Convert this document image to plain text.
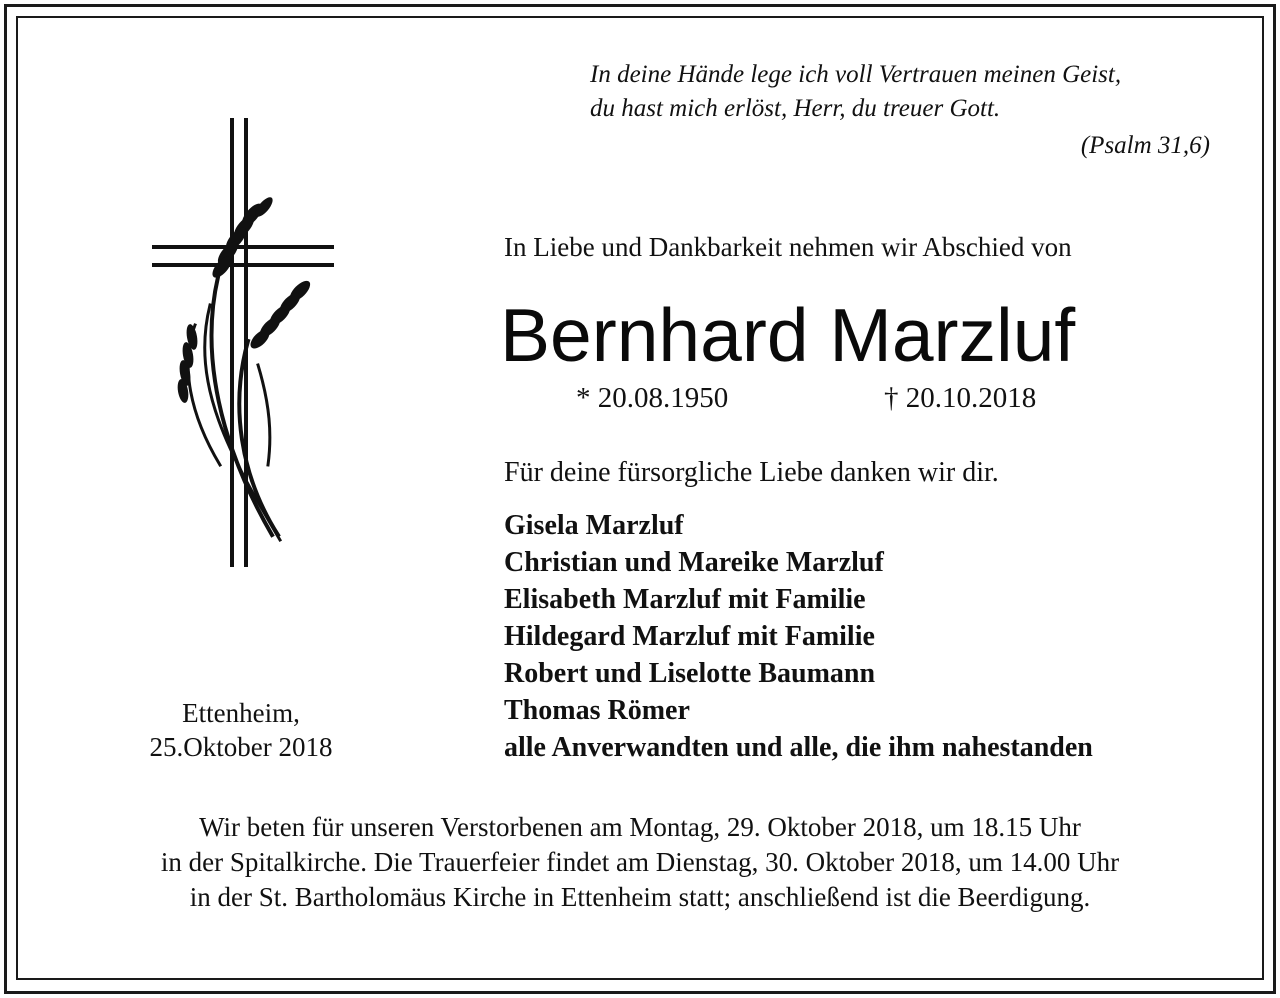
In deine Hände lege ich voll Vertrauen meinen Geist,
du hast mich erlöst, Herr, du treuer Gott.
(Psalm 31,6)
In Liebe und Dankbarkeit nehmen wir Abschied von
Bernhard Marzluf
* 20.08.1950	† 20.10.2018
Für deine fürsorgliche Liebe danken wir dir.
Gisela Marzluf
Christian und Mareike Marzluf
Elisabeth Marzluf mit Familie
Hildegard Marzluf mit Familie
Robert und Liselotte Baumann
Thomas Römer
alle Anverwandten und alle, die ihm nahestanden
Ettenheim,
25.Oktober 2018
Wir beten für unseren Verstorbenen am Montag, 29. Oktober 2018, um 18.15 Uhr
in der Spitalkirche. Die Trauerfeier findet am Dienstag, 30. Oktober 2018, um 14.00 Uhr
in der St. Bartholomäus Kirche in Ettenheim statt; anschließend ist die Beerdigung.
